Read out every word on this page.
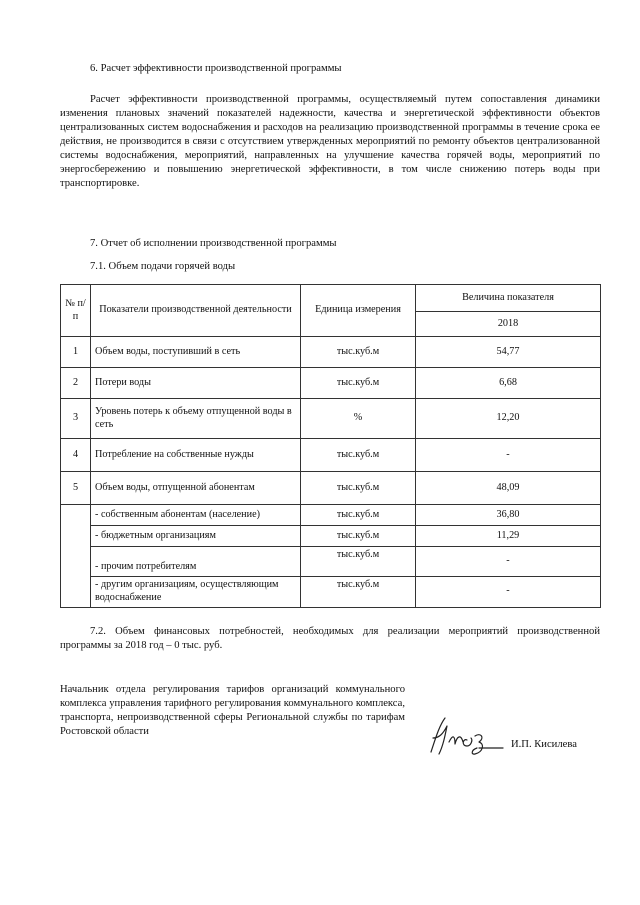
6. Расчет эффективности производственной программы

Расчет эффективности производственной программы, осуществляемый путем сопоставления динамики изменения плановых значений показателей надежности, качества и энергетической эффективности объектов централизованных систем водоснабжения и расходов на реализацию производственной программы в течение срока ее действия, не производится в связи с отсутствием утвержденных мероприятий по ремонту объектов централизованной системы водоснабжения, мероприятий, направленных на улучшение качества горячей воды, мероприятий по энергосбережению и повышению энергетической эффективности, в том числе снижению потерь воды при транспортировке.

7. Отчет об исполнении производственной программы
7.1. Объем подачи горячей воды
№ п/п	Показатели производственной деятельности	Единица измерения	Величина показателя
			2018
1	Объем воды, поступивший в сеть	тыс.куб.м	54,77
2	Потери воды	тыс.куб.м	6,68
3	Уровень потерь к объему отпущенной воды в сеть	%	12,20
4	Потребление на собственные нужды	тыс.куб.м	-
5	Объем воды, отпущенной абонентам	тыс.куб.м	48,09
	- собственным абонентам (население)	тыс.куб.м	36,80
	- бюджетным организациям	тыс.куб.м	11,29
	- прочим потребителям	тыс.куб.м	-
	- другим организациям, осуществляющим водоснабжение	тыс.куб.м	-

7.2. Объем финансовых потребностей, необходимых для реализации мероприятий производственной программы за 2018 год – 0 тыс. руб.

Начальник отдела регулирования тарифов организаций коммунального комплекса управления тарифного регулирования коммунального комплекса, транспорта, непроизводственной сферы Региональной службы по тарифам Ростовской области

И.П. Кисилева
